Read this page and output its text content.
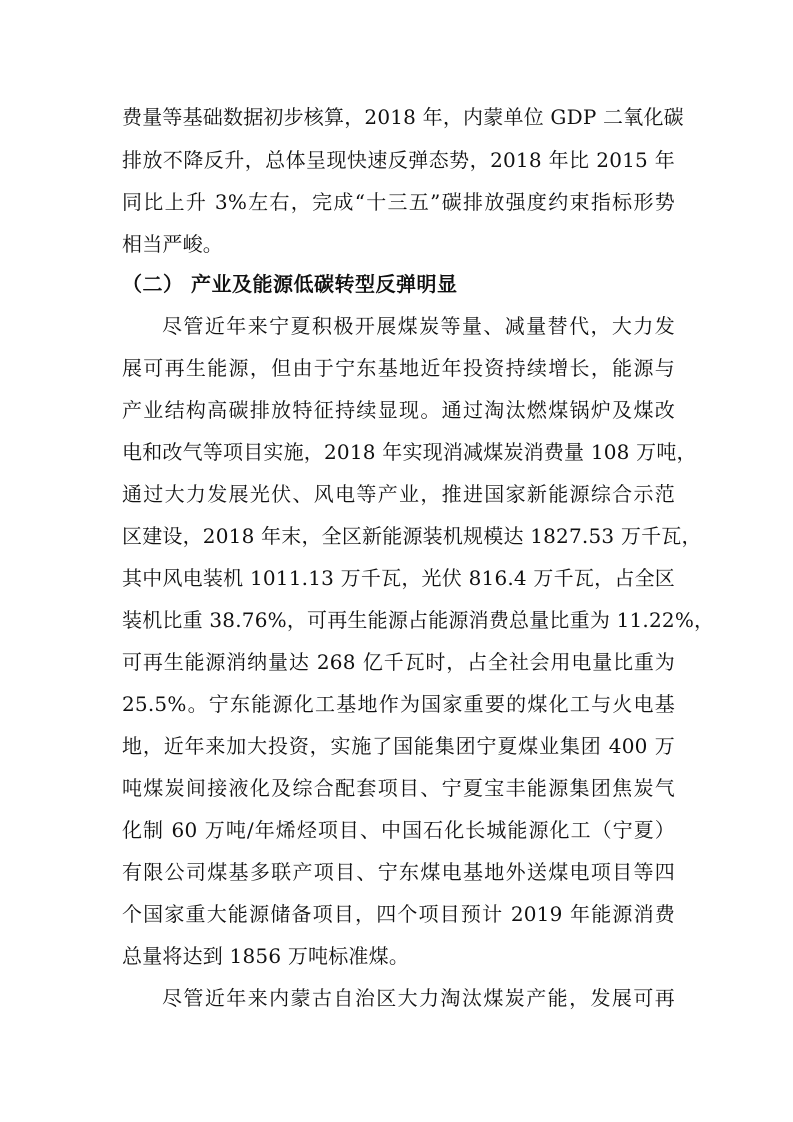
费量等基础数据初步核算，2018 年，内蒙单位 GDP 二氧化碳
排放不降反升，总体呈现快速反弹态势，2018 年比 2015 年
同比上升 3%左右，完成“十三五”碳排放强度约束指标形势
相当严峻。
（二） 产业及能源低碳转型反弹明显
尽管近年来宁夏积极开展煤炭等量、减量替代，大力发
展可再生能源，但由于宁东基地近年投资持续增长，能源与
产业结构高碳排放特征持续显现。通过淘汰燃煤锅炉及煤改
电和改气等项目实施，2018 年实现消减煤炭消费量 108 万吨，
通过大力发展光伏、风电等产业，推进国家新能源综合示范
区建设，2018 年末，全区新能源装机规模达 1827.53 万千瓦，
其中风电装机 1011.13 万千瓦，光伏 816.4 万千瓦，占全区
装机比重 38.76%，可再生能源占能源消费总量比重为 11.22%，
可再生能源消纳量达 268 亿千瓦时，占全社会用电量比重为
25.5%。宁东能源化工基地作为国家重要的煤化工与火电基
地，近年来加大投资，实施了国能集团宁夏煤业集团 400 万
吨煤炭间接液化及综合配套项目、宁夏宝丰能源集团焦炭气
化制 60 万吨/年烯烃项目、中国石化长城能源化工（宁夏）
有限公司煤基多联产项目、宁东煤电基地外送煤电项目等四
个国家重大能源储备项目，四个项目预计 2019 年能源消费
总量将达到 1856 万吨标准煤。
尽管近年来内蒙古自治区大力淘汰煤炭产能，发展可再
